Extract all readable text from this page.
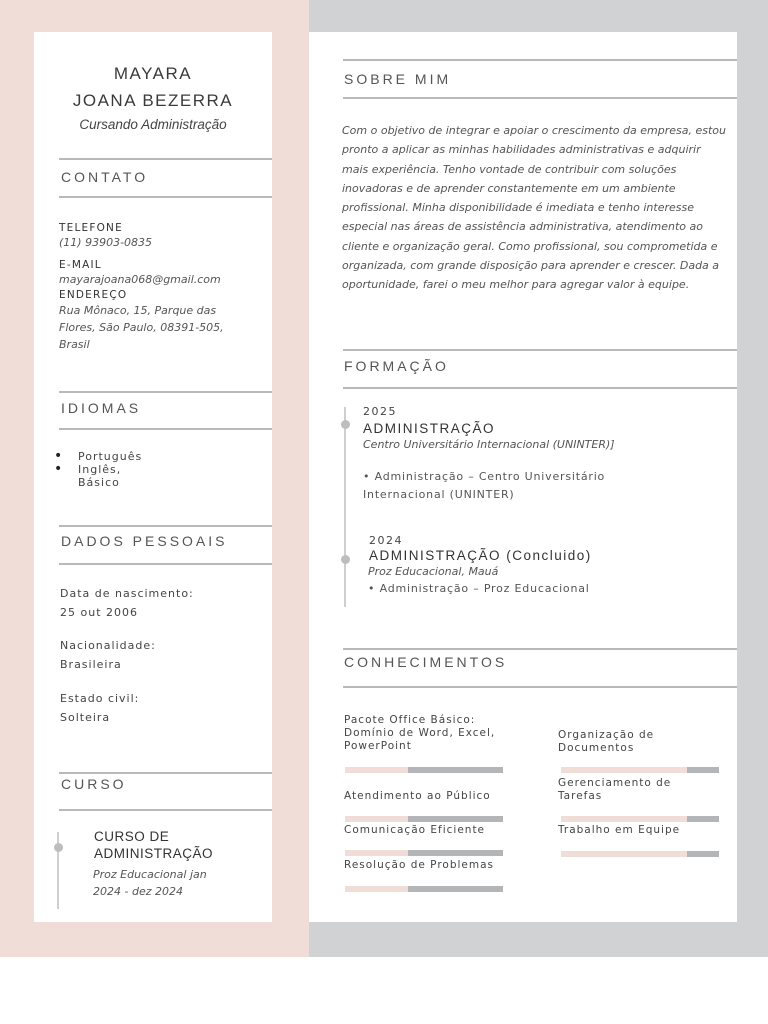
MAYARA
JOANA BEZERRA
Cursando Administração
CONTATO
TELEFONE
(11) 93903-0835
E-MAIL
mayarajoana068@gmail.com
ENDEREÇO
Rua Mônaco, 15, Parque das Flores, São Paulo, 08391-505, Brasil
IDIOMAS
• Português
• Inglês, Básico
DADOS PESSOAIS
Data de nascimento:
25 out 2006
Nacionalidade:
Brasileira
Estado civil:
Solteira
CURSO
CURSO DE ADMINISTRAÇÃO
Proz Educacional jan 2024 - dez 2024
SOBRE MIM
Com o objetivo de integrar e apoiar o crescimento da empresa, estou pronto a aplicar as minhas habilidades administrativas e adquirir mais experiência. Tenho vontade de contribuir com soluções inovadoras e de aprender constantemente em um ambiente profissional. Minha disponibilidade é imediata e tenho interesse especial nas áreas de assistência administrativa, atendimento ao cliente e organização geral. Como profissional, sou comprometida e organizada, com grande disposição para aprender e crescer. Dada a oportunidade, farei o meu melhor para agregar valor à equipe.
FORMAÇÃO
2025
ADMINISTRAÇÃO
Centro Universitário Internacional (UNINTER)]
• Administração – Centro Universitário Internacional (UNINTER)
2024
ADMINISTRAÇÃO (Concluido)
Proz Educacional, Mauá
• Administração – Proz Educacional
CONHECIMENTOS
Pacote Office Básico: Domínio de Word, Excel, PowerPoint
Atendimento ao Público
Comunicação Eficiente
Resolução de Problemas
Organização de Documentos
Gerenciamento de Tarefas
Trabalho em Equipe
